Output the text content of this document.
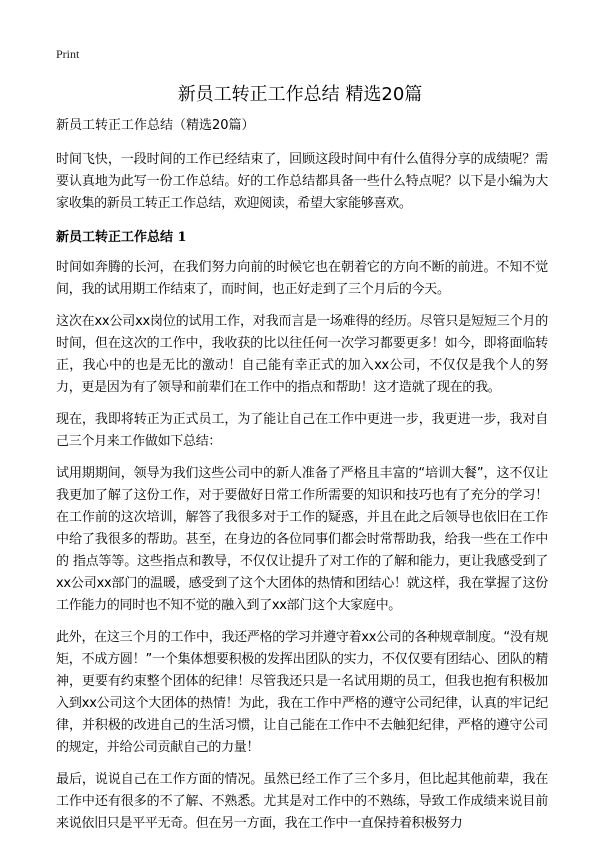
Print
新员工转正工作总结 精选20篇

新员工转正工作总结（精选20篇）

时间飞快，一段时间的工作已经结束了，回顾这段时间中有什么值得分享的成绩呢？需要认真地为此写一份工作总结。好的工作总结都具备一些什么特点呢？以下是小编为大家收集的新员工转正工作总结，欢迎阅读，希望大家能够喜欢。

新员工转正工作总结 1

时间如奔腾的长河，在我们努力向前的时候它也在朝着它的方向不断的前进。不知不觉间，我的试用期工作结束了，而时间，也正好走到了三个月后的今天。

这次在xx公司xx岗位的试用工作，对我而言是一场难得的经历。尽管只是短短三个月的时间，但在这次的工作中，我收获的比以往任何一次学习都要更多！如今，即将面临转正，我心中的也是无比的激动！自己能有幸正式的加入xx公司，不仅仅是我个人的努力，更是因为有了领导和前辈们在工作中的指点和帮助！这才造就了现在的我。

现在，我即将转正为正式员工，为了能让自己在工作中更进一步，我更进一步，我对自己三个月来工作做如下总结：

试用期期间，领导为我们这些公司中的新人准备了严格且丰富的“培训大餐”，这不仅让我更加了解了这份工作，对于要做好日常工作所需要的知识和技巧也有了充分的学习！在工作前的这次培训，解答了我很多对于工作的疑惑，并且在此之后领导也依旧在工作中给了我很多的帮助。甚至，在身边的各位同事们都会时常帮助我，给我一些在工作中的 指点等等。这些指点和教导，不仅仅让提升了对工作的了解和能力，更让我感受到了xx公司xx部门的温暖，感受到了这个大团体的热情和团结心！就这样，我在掌握了这份工作能力的同时也不知不觉的融入到了xx部门这个大家庭中。

此外，在这三个月的工作中，我还严格的学习并遵守着xx公司的各种规章制度。“没有规矩，不成方圆！”一个集体想要积极的发挥出团队的实力，不仅仅要有团结心、团队的精神，更要有约束整个团体的纪律！尽管我还只是一名试用期的员工，但我也抱有积极加入到xx公司这个大团体的热情！为此，我在工作中严格的遵守公司纪律，认真的牢记纪律，并积极的改进自己的生活习惯，让自己能在工作中不去触犯纪律，严格的遵守公司的规定，并给公司贡献自己的力量！

最后，说说自己在工作方面的情况。虽然已经工作了三个多月，但比起其他前辈，我在工作中还有很多的不了解、不熟悉。尤其是对工作中的不熟练，导致工作成绩来说目前来说依旧只是平平无奇。但在另一方面，我在工作中一直保持着积极努力
